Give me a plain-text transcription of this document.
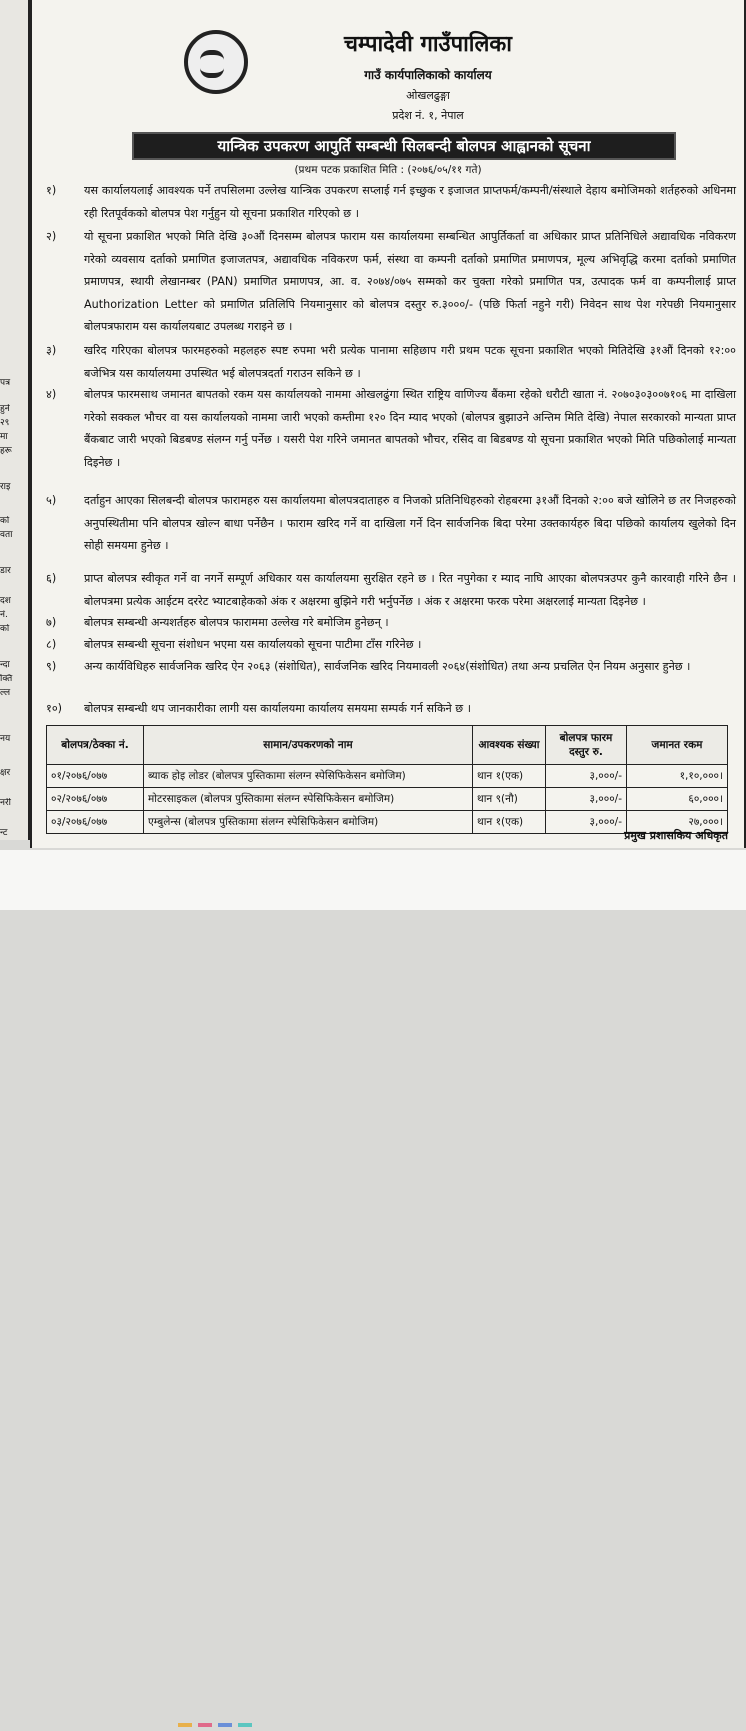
पत्र
हुने
२९
मा
हरू
राइ
को
वता
डार
दश
नं.
को
न्दा
क्ति
ल्ल
नय
क्षर
नरी
न्ट
चम्पादेवी गाउँपालिका
गाउँ कार्यपालिकाको कार्यालय
ओखलढुङ्गा
प्रदेश नं. १, नेपाल
यान्त्रिक उपकरण आपुर्ति सम्बन्धी सिलबन्दी बोलपत्र आह्वानको सूचना
(प्रथम पटक प्रकाशित मिति : (२०७६/०५/११ गते)
१)	यस कार्यालयलाई आवश्यक पर्ने तपसिलमा उल्लेख यान्त्रिक उपकरण सप्लाई गर्न इच्छुक र इजाजत प्राप्तफर्म/कम्पनी/संस्थाले देहाय बमोजिमको शर्तहरुको अधिनमा रही रितपूर्वकको बोलपत्र पेश गर्नुहुन यो सूचना प्रकाशित गरिएको छ ।
२)	यो सूचना प्रकाशित भएको मिति देखि ३०औं दिनसम्म बोलपत्र फाराम यस कार्यालयमा सम्बन्धित आपुर्तिकर्ता वा अधिकार प्राप्त प्रतिनिधिले अद्यावधिक नविकरण गरेको व्यवसाय दर्ताको प्रमाणित इजाजतपत्र, अद्यावधिक नविकरण फर्म, संस्था वा कम्पनी दर्ताको प्रमाणित प्रमाणपत्र, मूल्य अभिवृद्धि करमा दर्ताको प्रमाणित प्रमाणपत्र, स्थायी लेखानम्बर (PAN) प्रमाणित प्रमाणपत्र, आ. व. २०७४/०७५ सम्मको कर चुक्ता गरेको प्रमाणित पत्र, उत्पादक फर्म वा कम्पनीलाई प्राप्त Authorization Letter को प्रमाणित प्रतिलिपि नियमानुसार को बोलपत्र दस्तुर रु.३०००/- (पछि फिर्ता नहुने गरी) निवेदन साथ पेश गरेपछी नियमानुसार बोलपत्रफाराम यस कार्यालयबाट उपलब्ध गराइने छ ।
३)	खरिद गरिएका बोलपत्र फारमहरुको महलहरु स्पष्ट रुपमा भरी प्रत्येक पानामा सहिछाप गरी प्रथम पटक सूचना प्रकाशित भएको मितिदेखि ३१औं दिनको १२:०० बजेभित्र यस कार्यालयमा उपस्थित भई बोलपत्रदर्ता गराउन सकिने छ ।
४)	बोलपत्र फारमसाथ जमानत बापतको रकम यस कार्यालयको नाममा ओखलढुंगा स्थित राष्ट्रिय वाणिज्य बैंकमा रहेको धरौटी खाता नं. २०७०३०३००७१०६ मा दाखिला गरेको सक्कल भौचर वा यस कार्यालयको नाममा जारी भएको कम्तीमा १२० दिन म्याद भएको (बोलपत्र बुझाउने अन्तिम मिति देखि) नेपाल सरकारको मान्यता प्राप्त बैंकबाट जारी भएको बिडबण्ड संलग्न गर्नु पर्नेछ । यसरी पेश गरिने जमानत बापतको भौचर, रसिद वा बिडबण्ड यो सूचना प्रकाशित भएको मिति पछिकोलाई मान्यता दिइनेछ ।
५)	दर्ताहुन आएका सिलबन्दी बोलपत्र फारामहरु यस कार्यालयमा बोलपत्रदाताहरु व निजको प्रतिनिधिहरुको रोहबरमा ३१औं दिनको २:०० बजे खोलिने छ तर निजहरुको अनुपस्थितीमा पनि बोलपत्र खोल्न बाधा पर्नेछैन । फाराम खरिद गर्ने वा दाखिला गर्ने दिन सार्वजनिक बिदा परेमा उक्तकार्यहरु बिदा पछिको कार्यालय खुलेको दिन सोही समयमा हुनेछ ।
६)	प्राप्त बोलपत्र स्वीकृत गर्ने वा नगर्ने सम्पूर्ण अधिकार यस कार्यालयमा सुरक्षित रहने छ । रित नपुगेका र म्याद नाघि आएका बोलपत्रउपर कुनै कारवाही गरिने छैन । बोलपत्रमा प्रत्येक आईटम दररेट भ्याटबाहेकको अंक र अक्षरमा बुझिने गरी भर्नुपर्नेछ । अंक र अक्षरमा फरक परेमा अक्षरलाई मान्यता दिइनेछ ।
७)	बोलपत्र सम्बन्धी अन्यशर्तहरु बोलपत्र फाराममा उल्लेख गरे बमोजिम हुनेछन् ।
८)	बोलपत्र सम्बन्धी सूचना संशोधन भएमा यस कार्यालयको सूचना पाटीमा टाँस गरिनेछ ।
९)	अन्य कार्यविधिहरु सार्वजनिक खरिद ऐन २०६३ (संशोधित), सार्वजनिक खरिद नियमावली २०६४(संशोधित) तथा अन्य प्रचलित ऐन नियम अनुसार हुनेछ ।
१०)	बोलपत्र सम्बन्धी थप जानकारीका लागी यस कार्यालयमा कार्यालय समयमा सम्पर्क गर्न सकिने छ ।
बोलपत्र/ठेक्का नं.	सामान/उपकरणको नाम	आवश्यक संख्या	बोलपत्र फारम दस्तुर रु.	जमानत रकम
०१/२०७६/०७७	ब्याक होइ लोडर (बोलपत्र पुस्तिकामा संलग्न स्पेसिफिकेसन बमोजिम)	थान १(एक)	३,०००/-	१,१०,०००।
०२/२०७६/०७७	मोटरसाइकल (बोलपत्र पुस्तिकामा संलग्न स्पेसिफिकेसन बमोजिम)	थान ९(नौ)	३,०००/-	६०,०००।
०३/२०७६/०७७	एम्बुलेन्स (बोलपत्र पुस्तिकामा संलग्न स्पेसिफिकेसन बमोजिम)	थान १(एक)	३,०००/-	२७,०००।
प्रमुख प्रशासकिय अधिकृत
